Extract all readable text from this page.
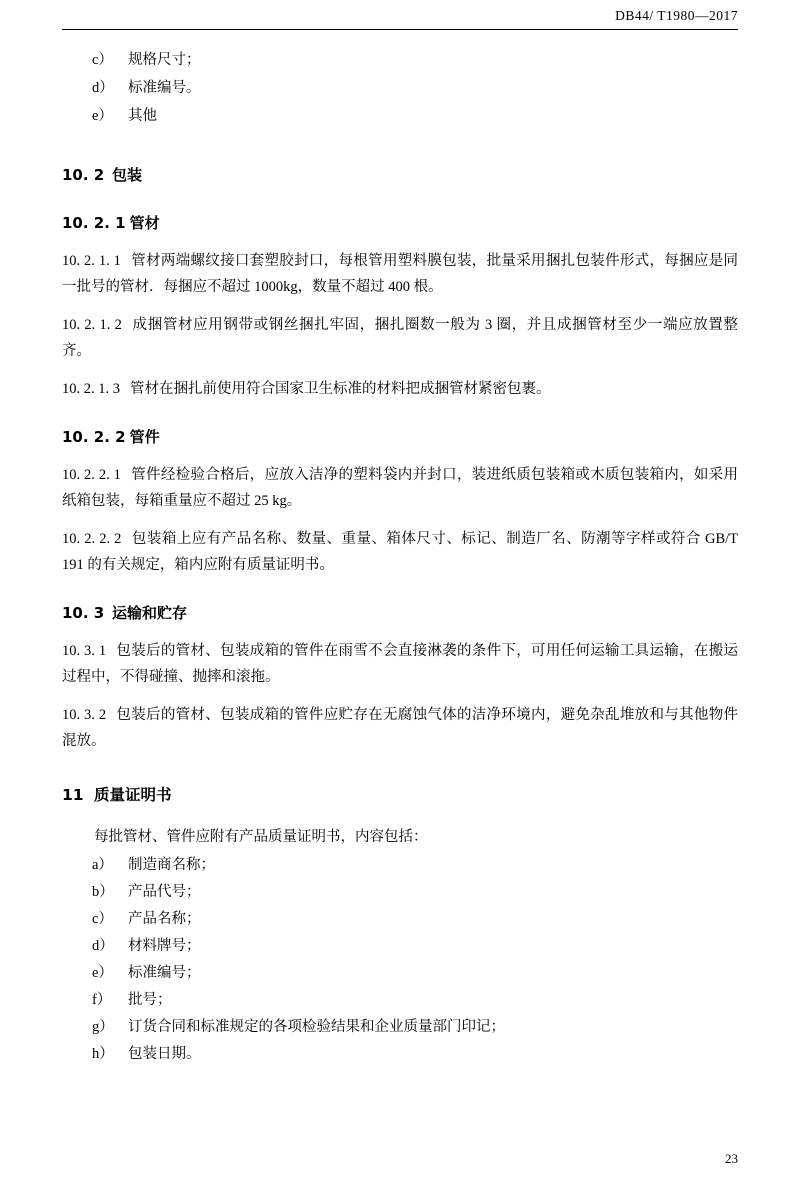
DB44/ T1980—2017
c）	规格尺寸；
d） 标准编号。
e）	其他
10. 2 包装
10. 2. 1 管材

10. 2. 1. 1 管材两端螺纹接口套塑胶封口，每根管用塑料膜包装，批量采用捆扎包装件形式，每捆应是同一批号的管材．每捆应不超过 1000kg，数量不超过 400 根。

10. 2. 1. 2 成捆管材应用钢带或钢丝捆扎牢固，捆扎圈数一般为 3 圈，并且成捆管材至少一端应放置整齐。

10. 2. 1. 3 管材在捆扎前使用符合国家卫生标准的材料把成捆管材紧密包裹。

10. 2. 2 管件

10. 2. 2. 1 管件经检验合格后，应放入洁净的塑料袋内并封口，装进纸质包装箱或木质包装箱内，如采用纸箱包装，每箱重量应不超过 25 kg。

10. 2. 2. 2 包装箱上应有产品名称、数量、重量、箱体尺寸、标记、制造厂名、防潮等字样或符合 GB/T 191 的有关规定，箱内应附有质量证明书。

10. 3 运输和贮存

10. 3. 1 包装后的管材、包装成箱的管件在雨雪不会直接淋袭的条件下，可用任何运输工具运输，在搬运过程中，不得碰撞、抛摔和滚拖。

10. 3. 2 包装后的管材、包装成箱的管件应贮存在无腐蚀气体的洁净环境内，避免杂乱堆放和与其他物件混放。

11 质量证明书
每批管材、管件应附有产品质量证明书，内容包括：
a）	制造商名称；
b） 产品代号；
c）	产品名称；
d） 材料牌号；
e）	标准编号；
f）	批号；
g） 订货合同和标准规定的各项检验结果和企业质量部门印记；
h） 包装日期。
23
